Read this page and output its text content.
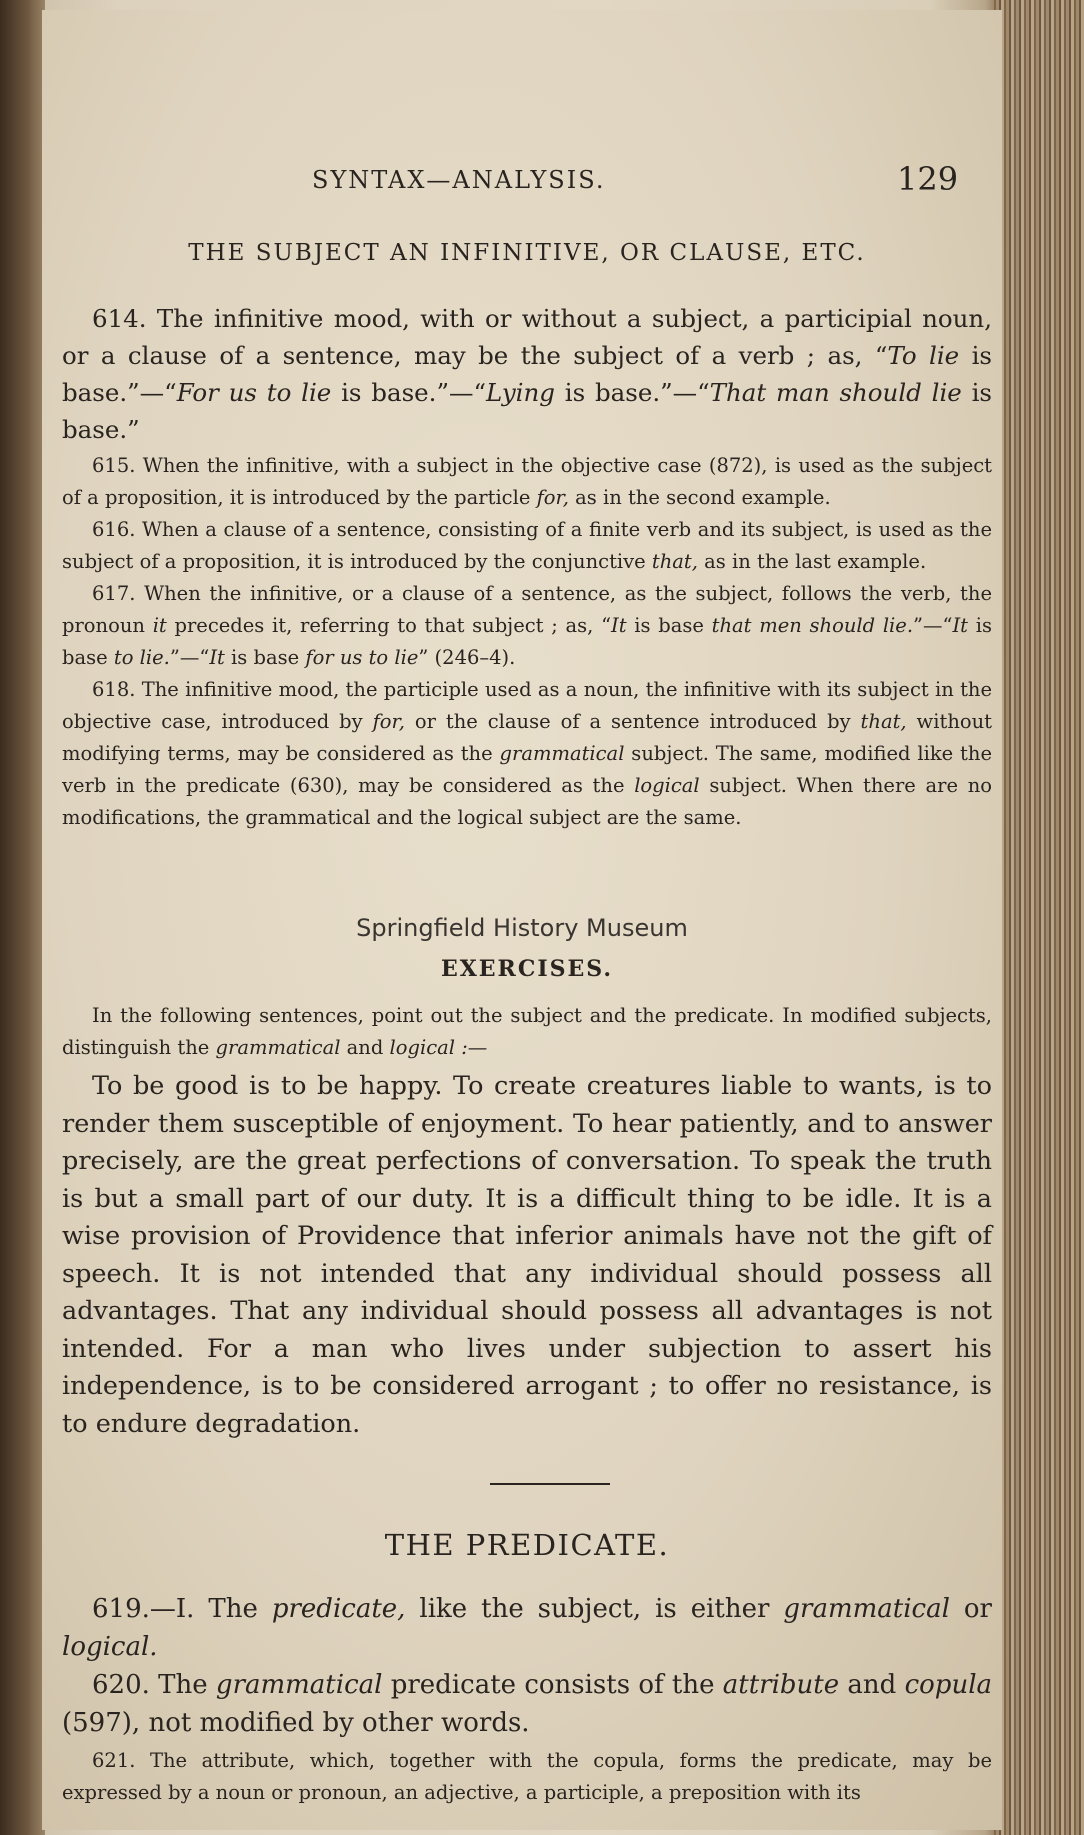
SYNTAX—ANALYSIS.	129
THE SUBJECT AN INFINITIVE, OR CLAUSE, ETC.

614. The infinitive mood, with or without a subject, a participial noun, or a clause of a sentence, may be the subject of a verb ; as, “To lie is base.”—“For us to lie is base.”—“Lying is base.”—“That man should lie is base.”

615. When the infinitive, with a subject in the objective case (872), is used as the subject of a proposition, it is introduced by the particle for, as in the second example.

616. When a clause of a sentence, consisting of a finite verb and its subject, is used as the subject of a proposition, it is introduced by the conjunctive that, as in the last example.

617. When the infinitive, or a clause of a sentence, as the subject, follows the verb, the pronoun it precedes it, referring to that subject ; as, “It is base that men should lie.”—“It is base to lie.”—“It is base for us to lie” (246–4).

618. The infinitive mood, the participle used as a noun, the infinitive with its subject in the objective case, introduced by for, or the clause of a sentence introduced by that, without modifying terms, may be considered as the grammatical subject. The same, modified like the verb in the predicate (630), may be considered as the logical subject. When there are no modifications, the grammatical and the logical subject are the same.

Springfield History Museum
EXERCISES.

In the following sentences, point out the subject and the predicate. In modified subjects, distinguish the grammatical and logical :—

To be good is to be happy. To create creatures liable to wants, is to render them susceptible of enjoyment. To hear patiently, and to answer precisely, are the great perfections of conversation. To speak the truth is but a small part of our duty. It is a difficult thing to be idle. It is a wise provision of Providence that inferior animals have not the gift of speech. It is not intended that any individual should possess all advantages. That any individual should possess all advantages is not intended. For a man who lives under subjection to assert his independence, is to be considered arrogant ; to offer no resistance, is to endure degradation.

THE PREDICATE.

619.—I. The predicate, like the subject, is either grammatical or logical.

620. The grammatical predicate consists of the attribute and copula (597), not modified by other words.

621. The attribute, which, together with the copula, forms the predicate, may be expressed by a noun or pronoun, an adjective, a participle, a preposition with its
